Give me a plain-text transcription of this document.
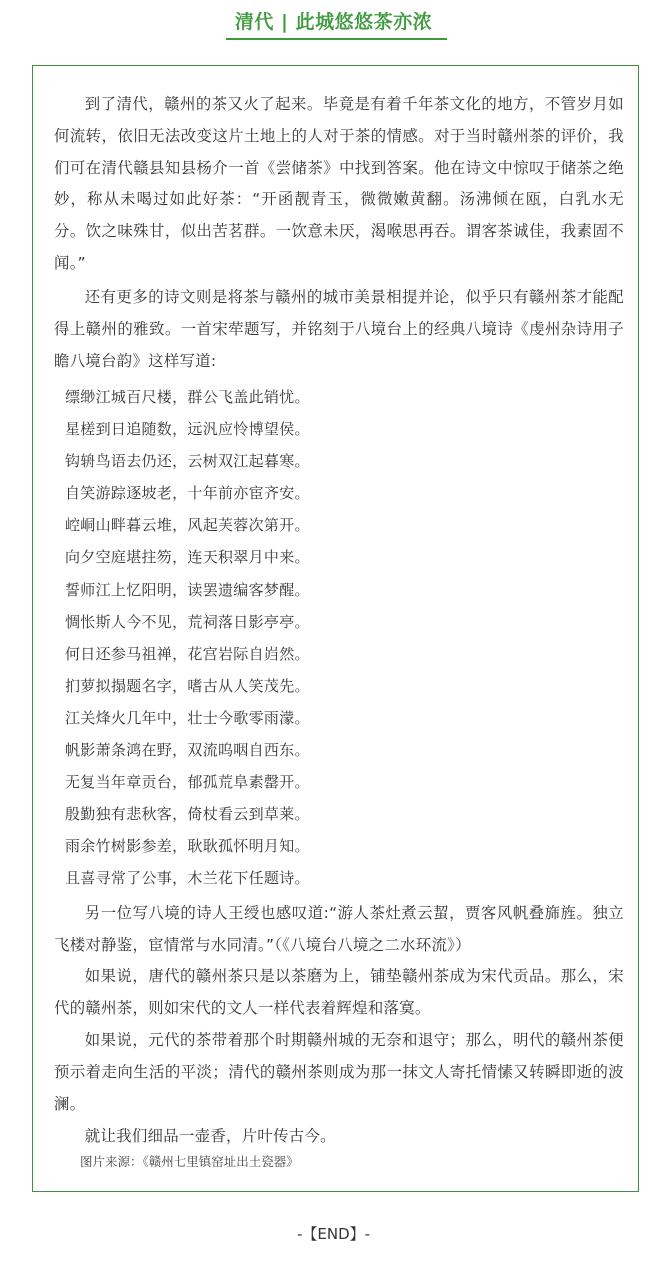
清代 | 此城悠悠茶亦浓

到了清代，赣州的茶又火了起来。毕竟是有着千年茶文化的地方，不管岁月如何流转，依旧无法改变这片土地上的人对于茶的情感。对于当时赣州茶的评价，我们可在清代赣县知县杨介一首《尝储茶》中找到答案。他在诗文中惊叹于储茶之绝妙，称从未喝过如此好茶：“开函靓青玉，微微嫩黄翻。汤沸倾在瓯，白乳水无分。饮之味殊甘，似出苦茗群。一饮意未厌，渴喉思再吞。谓客茶诚佳，我素固不闻。”

还有更多的诗文则是将茶与赣州的城市美景相提并论，似乎只有赣州茶才能配得上赣州的雅致。一首宋荦题写，并铭刻于八境台上的经典八境诗《虔州杂诗用子瞻八境台韵》这样写道:

缥缈江城百尺楼，群公飞盖此销忧。
星槎到日追随数，远汎应怜博望侯。
钩辀鸟语去仍还，云树双江起暮寒。
自笑游踪逐坡老，十年前亦宦齐安。
崆峒山畔暮云堆，风起芙蓉次第开。
向夕空庭堪拄笏，连天积翠月中来。
誓师江上忆阳明，读罢遗编客梦醒。
惆怅斯人今不见，荒祠落日影亭亭。
何日还参马祖禅，花宫岩际自岿然。
扪萝拟搨题名字，嗜古从人笑茂先。
江关烽火几年中，壮士今歌零雨濛。
帆影萧条鸿在野，双流呜咽自西东。
无复当年章贡台，郁孤荒阜素罄开。
殷勤独有悲秋客，倚杖看云到草莱。
雨余竹树影参差，耿耿孤怀明月知。
且喜寻常了公事，木兰花下任题诗。

另一位写八境的诗人王绶也感叹道:“游人茶灶煮云蛪，贾客风帆叠旆旌。独立飞楼对静鉴，宦情常与水同清。”（《八境台八境之二水环流》）

如果说，唐代的赣州茶只是以茶磨为上，铺垫赣州茶成为宋代贡品。那么，宋代的赣州茶，则如宋代的文人一样代表着辉煌和落寞。

如果说，元代的茶带着那个时期赣州城的无奈和退守；那么，明代的赣州茶便预示着走向生活的平淡；清代的赣州茶则成为那一抹文人寄托情愫又转瞬即逝的波澜。

就让我们细品一壶香，片叶传古今。

图片来源：《赣州七里镇窑址出土瓷器》
-【END】-
